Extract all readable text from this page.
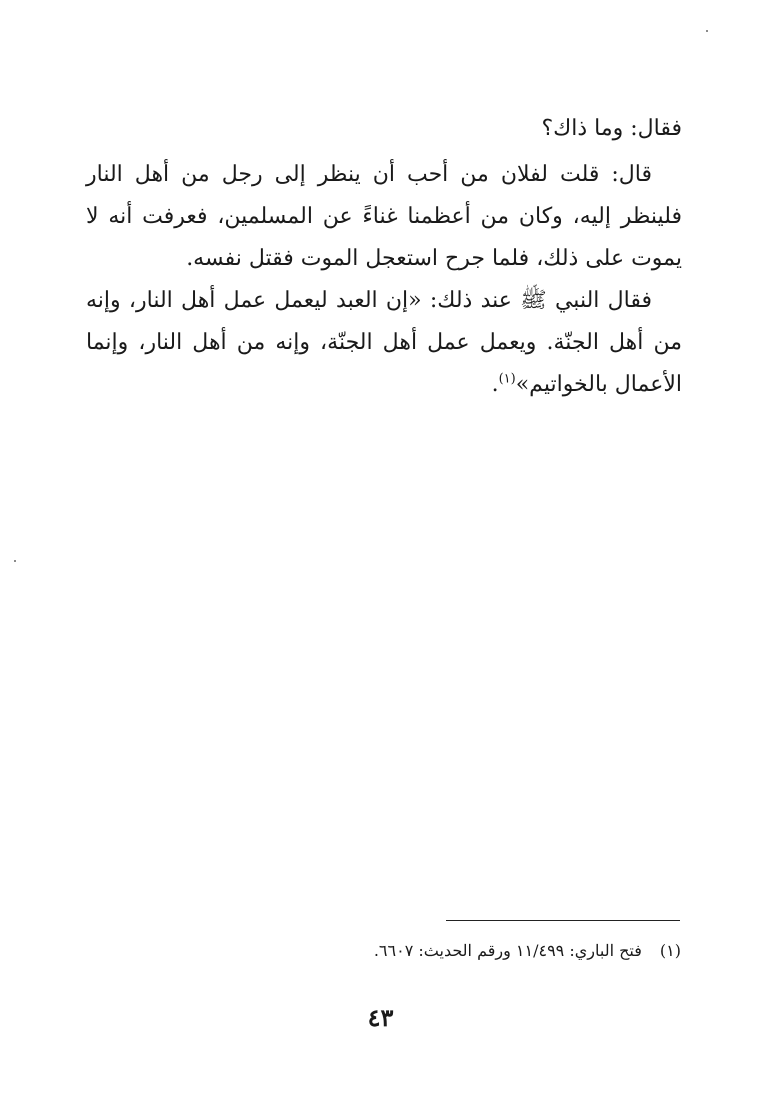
فقال: وما ذاك؟
قال: قلت لفلان من أحب أن ينظر إلى رجل من أهل النار فلينظر إليه، وكان من أعظمنا غناءً عن المسلمين، فعرفت أنه لا يموت على ذلك، فلما جرح استعجل الموت فقتل نفسه.
فقال النبي ﷺ عند ذلك: «إن العبد ليعمل عمل أهل النار، وإنه من أهل الجنّة. ويعمل عمل أهل الجنّة، وإنه من أهل النار، وإنما الأعمال بالخواتيم»$^{(١)}$.
(١)فتح الباري: ١١/٤٩٩ ورقم الحديث: ٦٦٠٧.
٤٣
